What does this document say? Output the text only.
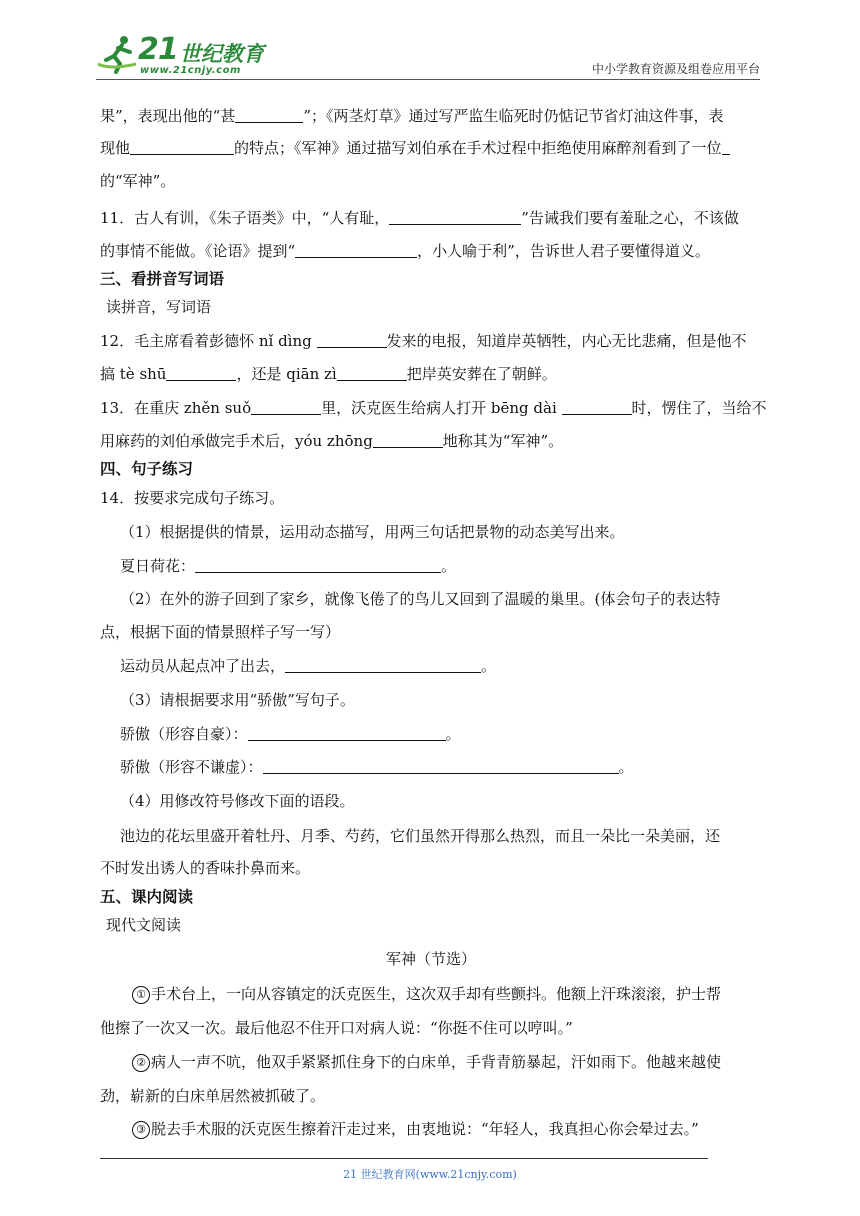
21 世纪教育
www.21cnjy.com	中小学教育资源及组卷应用平台
果”，表现出他的“甚	”；《两茎灯草》通过写严监生临死时仍惦记节省灯油这件事，表
现他	的特点；《军神》通过描写刘伯承在手术过程中拒绝使用麻醉剂看到了一位
的“军神”。
11．古人有训，《朱子语类》中，“人有耻，	”告诫我们要有羞耻之心，不该做
的事情不能做。《论语》提到“	，小人喻于利”，告诉世人君子要懂得道义。
三、看拼音写词语
读拼音，写词语
12．毛主席看着彭德怀 nǐ dìng	发来的电报，知道岸英牺牲，内心无比悲痛，但是他不
搞 tè shū	，还是 qiān zì	把岸英安葬在了朝鲜。
13．在重庆 zhěn suǒ	里，沃克医生给病人打开 bēng dài	时，愣住了，当给不
用麻药的刘伯承做完手术后，yóu zhōng	地称其为“军神”。
四、句子练习
14．按要求完成句子练习。
（1）根据提供的情景，运用动态描写，用两三句话把景物的动态美写出来。
夏日荷花：	。
（2）在外的游子回到了家乡，就像飞倦了的鸟儿又回到了温暖的巢里。(体会句子的表达特
点，根据下面的情景照样子写一写）
运动员从起点冲了出去，	。
（3）请根据要求用“骄傲”写句子。
骄傲（形容自豪）：	。
骄傲（形容不谦虚）：	。
（4）用修改符号修改下面的语段。
池边的花坛里盛开着牡丹、月季、芍药，它们虽然开得那么热烈，而且一朵比一朵美丽，还
不时发出诱人的香味扑鼻而来。
五、课内阅读
现代文阅读
军神（节选）
① 手术台上，一向从容镇定的沃克医生，这次双手却有些颤抖。他额上汗珠滚滚，护士帮
他擦了一次又一次。最后他忍不住开口对病人说：“你挺不住可以哼叫。”
② 病人一声不吭，他双手紧紧抓住身下的白床单，手背青筋暴起，汗如雨下。他越来越使
劲，崭新的白床单居然被抓破了。
③ 脱去手术服的沃克医生擦着汗走过来，由衷地说：“年轻人，我真担心你会晕过去。”
21 世纪教育网(www.21cnjy.com)
